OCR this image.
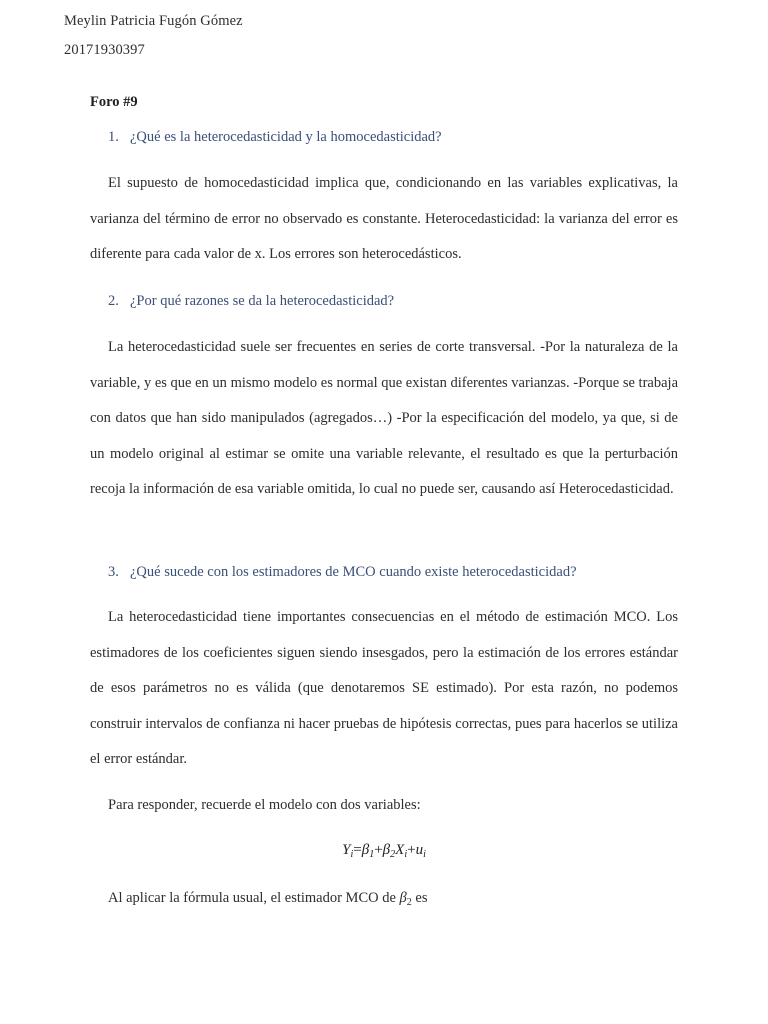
Meylin Patricia Fugón Gómez
20171930397
Foro #9
1. ¿Qué es la heterocedasticidad y la homocedasticidad?

El supuesto de homocedasticidad implica que, condicionando en las variables explicativas, la varianza del término de error no observado es constante. Heterocedasticidad: la varianza del error es diferente para cada valor de x. Los errores son heterocedásticos.

2. ¿Por qué razones se da la heterocedasticidad?

La heterocedasticidad suele ser frecuentes en series de corte transversal. -Por la naturaleza de la variable, y es que en un mismo modelo es normal que existan diferentes varianzas. -Porque se trabaja con datos que han sido manipulados (agregados…) -Por la especificación del modelo, ya que, si de un modelo original al estimar se omite una variable relevante, el resultado es que la perturbación recoja la información de esa variable omitida, lo cual no puede ser, causando así Heterocedasticidad.

3. ¿Qué sucede con los estimadores de MCO cuando existe heterocedasticidad?

La heterocedasticidad tiene importantes consecuencias en el método de estimación MCO. Los estimadores de los coeficientes siguen siendo insesgados, pero la estimación de los errores estándar de esos parámetros no es válida (que denotaremos SE estimado). Por esta razón, no podemos construir intervalos de confianza ni hacer pruebas de hipótesis correctas, pues para hacerlos se utiliza el error estándar.

Para responder, recuerde el modelo con dos variables:

$Y_i=\beta_1+\beta_2X_i+u_i$
Al aplicar la fórmula usual, el estimador MCO de $\beta_2$ es
